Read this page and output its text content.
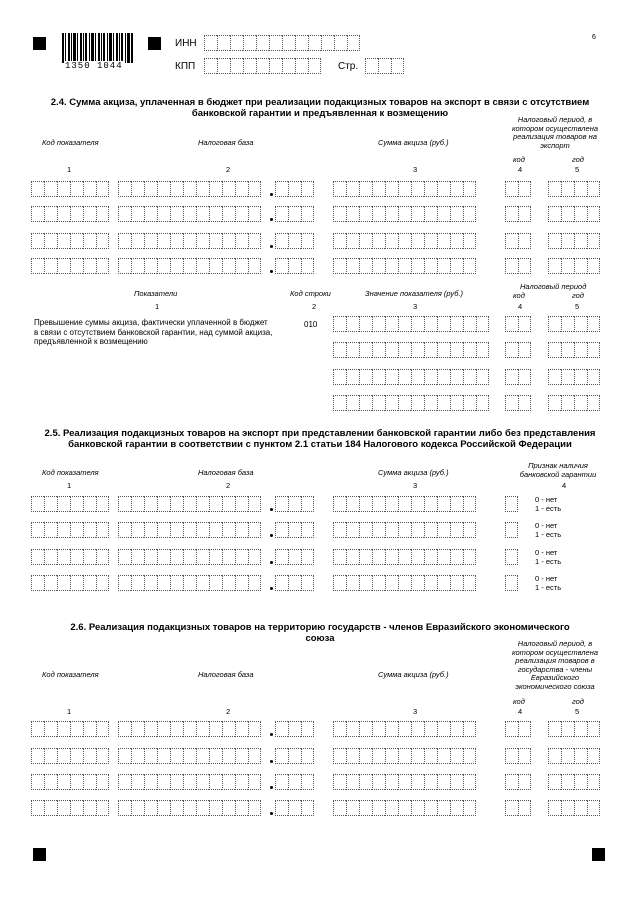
1350 1044
ИНН
КПП	Стр.
6
2.4. Сумма акциза, уплаченная в бюджет при реализации подакцизных товаров на экспорт в связи с отсутствием банковской гарантии и предъявленная к возмещению
Код показателя	Налоговая база	Сумма акциза (руб.)
Налоговый период, в котором осуществлена реализация товаров на экспорт
код	год
1	2	3	4	5
Показатели	Код строки	Значение показателя (руб.)
Налоговый период
код	год
1	2	3	4	5
Превышение суммы акциза, фактически уплаченной в бюджет в связи с отсутствием банковской гарантии, над суммой акциза, предъявленной к возмещению
010
2.5. Реализация подакцизных товаров на экспорт при представлении банковской гарантии либо без представления банковской гарантии в соответствии с пунктом 2.1 статьи 184 Налогового кодекса Российской Федерации
Код показателя	Налоговая база	Сумма акциза (руб.)
Признак наличия банковской гарантии
1	2	3	4
2.6. Реализация подакцизных товаров на территорию государств - членов Евразийского экономического союза
Код показателя	Налоговая база	Сумма акциза (руб.)
Налоговый период, в котором осуществлена реализация товаров в государства - члены Евразийского экономического союза
код	год
1	2	3	4	5
0 - нет
1 - есть
0 - нет
1 - есть
0 - нет
1 - есть
0 - нет
1 - есть
